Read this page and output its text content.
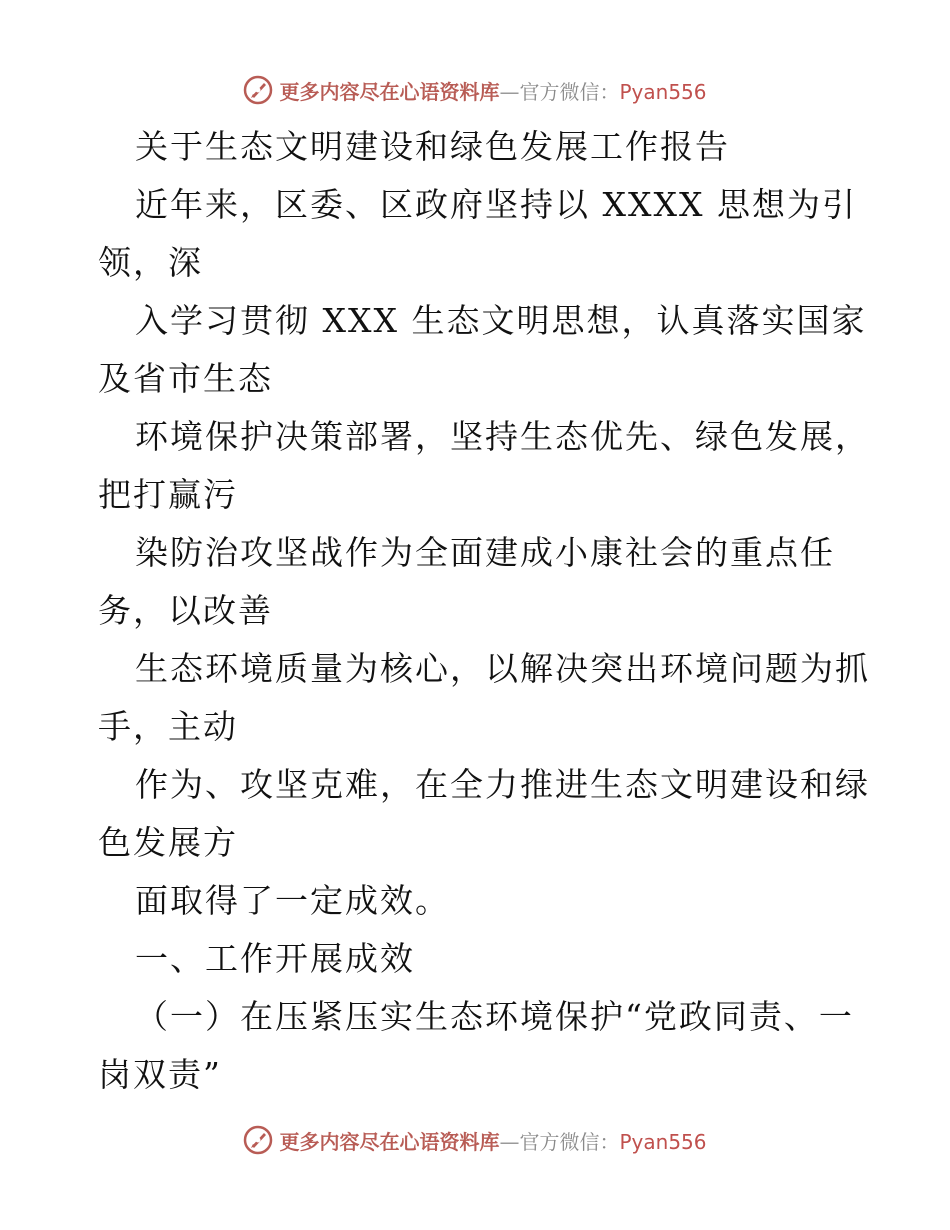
更多内容尽在心语资料库—官方微信：Pyan556
关于生态文明建设和绿色发展工作报告
近年来，区委、区政府坚持以 XXXX 思想为引
领，深
入学习贯彻 XXX 生态文明思想，认真落实国家
及省市生态
环境保护决策部署，坚持生态优先、绿色发展，
把打赢污
染防治攻坚战作为全面建成小康社会的重点任
务，以改善
生态环境质量为核心，以解决突出环境问题为抓
手，主动
作为、攻坚克难，在全力推进生态文明建设和绿
色发展方
面取得了一定成效。
一、工作开展成效
（一）在压紧压实生态环境保护“党政同责、一
岗双责”
更多内容尽在心语资料库—官方微信：Pyan556
